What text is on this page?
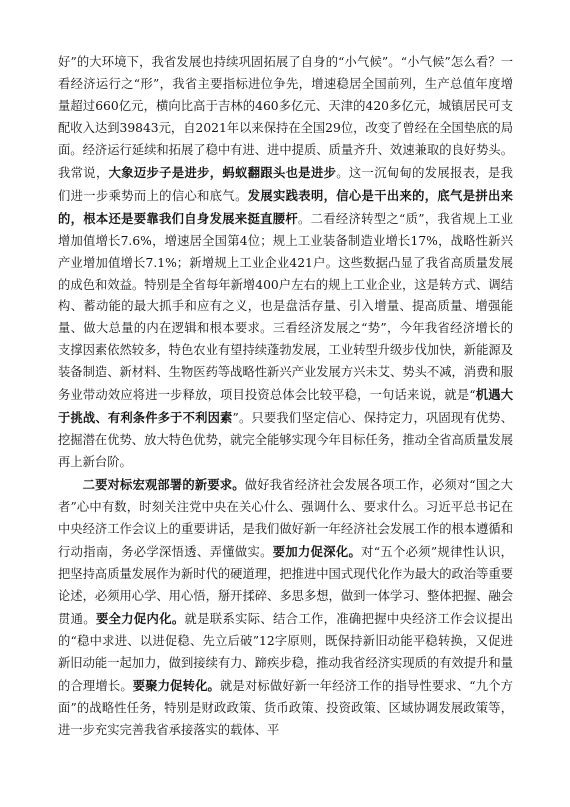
好”的大环境下，我省发展也持续巩固拓展了自身的“小气候”。“小气候”怎么看？一看经济运行之“形”，我省主要指标进位争先，增速稳居全国前列，生产总值年度增量超过660亿元，横向比高于吉林的460多亿元、天津的420多亿元，城镇居民可支配收入达到39843元，自2021年以来保持在全国29位，改变了曾经在全国垫底的局面。经济运行延续和拓展了稳中有进、进中提质、质量齐升、效速兼取的良好势头。我常说，大象迈步子是进步，蚂蚁翻跟头也是进步。这一沉甸甸的发展报表，是我们进一步乘势而上的信心和底气。发展实践表明，信心是干出来的，底气是拼出来的，根本还是要靠我们自身发展来挺直腰杆。二看经济转型之“质”，我省规上工业增加值增长7.6%，增速居全国第4位；规上工业装备制造业增长17%，战略性新兴产业增加值增长7.1%；新增规上工业企业421户。这些数据凸显了我省高质量发展的成色和效益。特别是全省每年新增400户左右的规上工业企业，这是转方式、调结构、蓄动能的最大抓手和应有之义，也是盘活存量、引入增量、提高质量、增强能量、做大总量的内在逻辑和根本要求。三看经济发展之“势”，今年我省经济增长的支撑因素依然较多，特色农业有望持续蓬勃发展，工业转型升级步伐加快，新能源及装备制造、新材料、生物医药等战略性新兴产业发展方兴未艾、势头不减，消费和服务业带动效应将进一步释放，项目投资总体会比较平稳，一句话来说，就是“机遇大于挑战、有利条件多于不利因素”。只要我们坚定信心、保持定力，巩固现有优势、挖掘潜在优势、放大特色优势，就完全能够实现今年目标任务，推动全省高质量发展再上新台阶。

二要对标宏观部署的新要求。做好我省经济社会发展各项工作，必须对“国之大者”心中有数，时刻关注党中央在关心什么、强调什么、要求什么。习近平总书记在中央经济工作会议上的重要讲话，是我们做好新一年经济社会发展工作的根本遵循和行动指南，务必学深悟透、弄懂做实。要加力促深化。对“五个必须”规律性认识，把坚持高质量发展作为新时代的硬道理，把推进中国式现代化作为最大的政治等重要论述，必须用心学、用心悟，掰开揉碎、多思多想，做到一体学习、整体把握、融会贯通。要全力促内化。就是联系实际、结合工作，准确把握中央经济工作会议提出的“稳中求进、以进促稳、先立后破”12字原则，既保持新旧动能平稳转换，又促进新旧动能一起加力，做到接续有力、蹄疾步稳，推动我省经济实现质的有效提升和量的合理增长。要聚力促转化。就是对标做好新一年经济工作的指导性要求、“九个方面”的战略性任务，特别是财政政策、货币政策、投资政策、区域协调发展政策等，进一步充实完善我省承接落实的载体、平
